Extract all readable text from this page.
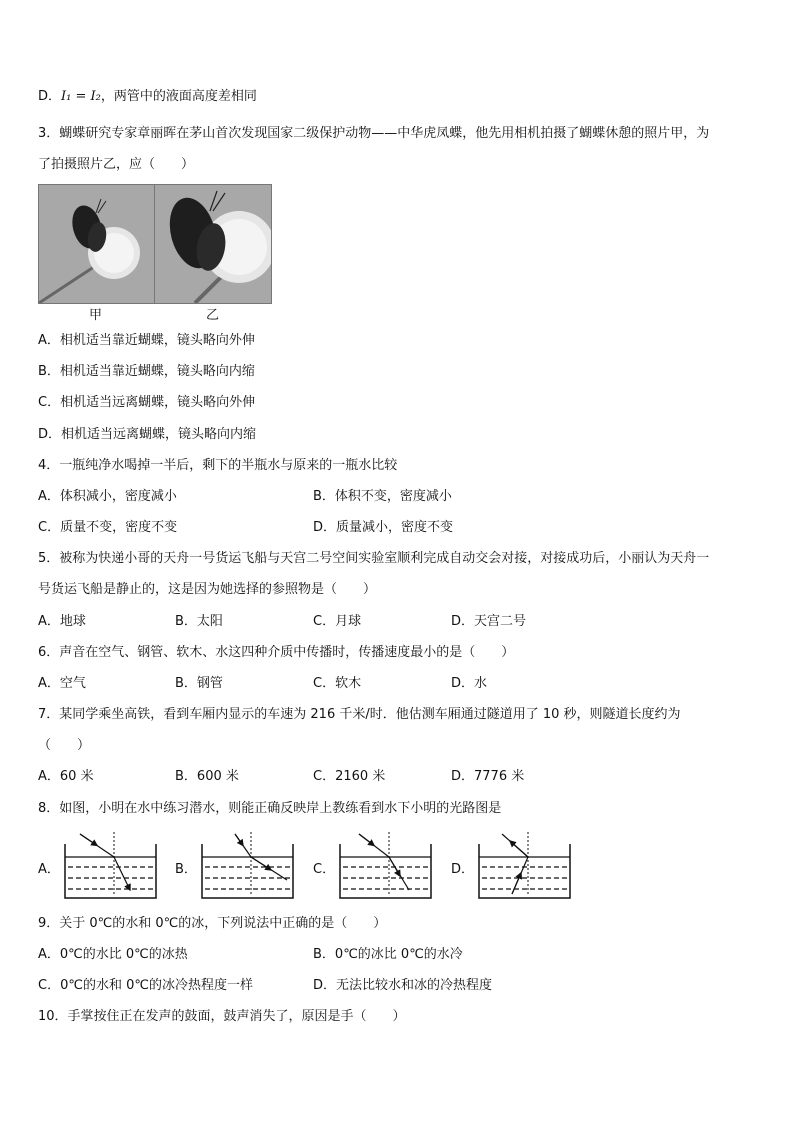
D．I₁ = I₂，两管中的液面高度差相同
3．蝴蝶研究专家章丽晖在茅山首次发现国家二级保护动物——中华虎凤蝶，他先用相机拍摄了蝴蝶休憩的照片甲，为
了拍摄照片乙，应（　　）
甲	乙
A．相机适当靠近蝴蝶，镜头略向外伸
B．相机适当靠近蝴蝶，镜头略向内缩
C．相机适当远离蝴蝶，镜头略向外伸
D．相机适当远离蝴蝶，镜头略向内缩
4．一瓶纯净水喝掉一半后，剩下的半瓶水与原来的一瓶水比较
A．体积减小，密度减小	B．体积不变，密度减小
C．质量不变，密度不变	D．质量减小，密度不变
5．被称为快递小哥的天舟一号货运飞船与天宫二号空间实验室顺利完成自动交会对接，对接成功后，小丽认为天舟一
号货运飞船是静止的，这是因为她选择的参照物是（　　）
A．地球	B．太阳	C．月球	D．天宫二号
6．声音在空气、钢管、软木、水这四种介质中传播时，传播速度最小的是（　　）
A．空气	B．钢管	C．软木	D．水
7．某同学乘坐高铁，看到车厢内显示的车速为 216 千米/时．他估测车厢通过隧道用了 10 秒，则隧道长度约为
（　　）
A．60 米	B．600 米	C．2160 米	D．7776 米
8．如图，小明在水中练习潜水，则能正确反映岸上教练看到水下小明的光路图是
A．	B．	C．	D．
9．关于 0℃的水和 0℃的冰，下列说法中正确的是（　　）
A．0℃的水比 0℃的冰热	B．0℃的冰比 0℃的水冷
C．0℃的水和 0℃的冰冷热程度一样	D．无法比较水和冰的冷热程度
10．手掌按住正在发声的鼓面，鼓声消失了，原因是手（　　）
